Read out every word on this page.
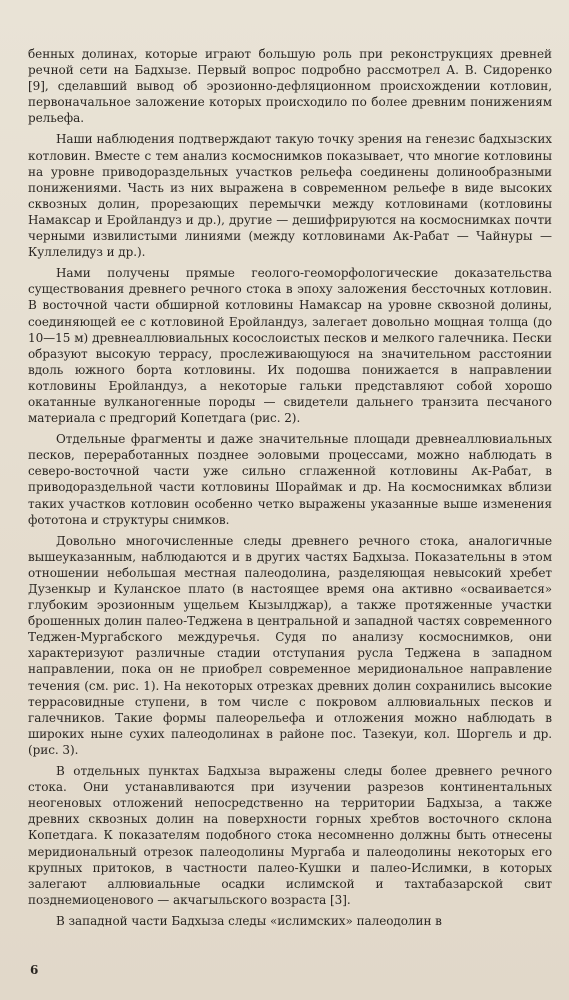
бенных долинах, которые играют большую роль при реконструкциях древней речной сети на Бадхызе. Первый вопрос подробно рассмотрел А. В. Сидоренко [9], сделавший вывод об эрозионно-дефляционном происхождении котловин, первоначальное заложение которых происходило по более древним понижениям рельефа.

Наши наблюдения подтверждают такую точку зрения на генезис бадхызских котловин. Вместе с тем анализ космоснимков показывает, что многие котловины на уровне приводораздельных участков рельефа соединены долинообразными понижениями. Часть из них выражена в современном рельефе в виде высоких сквозных долин, прорезающих перемычки между котловинами (котловины Намаксар и Еройландуз и др.), другие — дешифрируются на космоснимках почти черными извилистыми линиями (между котловинами Ак-Рабат — Чайнуры — Куллелидуз и др.).

Нами получены прямые геолого-геоморфологические доказательства существования древнего речного стока в эпоху заложения бессточных котловин. В восточной части обширной котловины Намаксар на уровне сквозной долины, соединяющей ее с котловиной Еройландуз, залегает довольно мощная толща (до 10—15 м) древнеаллювиальных косослоистых песков и мелкого галечника. Пески образуют высокую террасу, прослеживающуюся на значительном расстоянии вдоль южного борта котловины. Их подошва понижается в направлении котловины Еройландуз, а некоторые гальки представляют собой хорошо окатанные вулканогенные породы — свидетели дальнего транзита песчаного материала с предгорий Копетдага (рис. 2).

Отдельные фрагменты и даже значительные площади древнеаллювиальных песков, переработанных позднее эоловыми процессами, можно наблюдать в северо-восточной части уже сильно сглаженной котловины Ак-Рабат, в приводораздельной части котловины Шораймак и др. На космоснимках вблизи таких участков котловин особенно четко выражены указанные выше изменения фототона и структуры снимков.

Довольно многочисленные следы древнего речного стока, аналогичные вышеуказанным, наблюдаются и в других частях Бадхыза. Показательны в этом отношении небольшая местная палеодолина, разделяющая невысокий хребет Дузенкыр и Куланское плато (в настоящее время она активно «осваивается» глубоким эрозионным ущельем Кызылджар), а также протяженные участки брошенных долин палео-Теджена в центральной и западной частях современного Теджен-Мургабского междуречья. Судя по анализу космоснимков, они характеризуют различные стадии отступания русла Теджена в западном направлении, пока он не приобрел современное меридиональное направление течения (см. рис. 1). На некоторых отрезках древних долин сохранились высокие террасовидные ступени, в том числе с покровом аллювиальных песков и галечников. Такие формы палеорельефа и отложения можно наблюдать в широких ныне сухих палеодолинах в районе пос. Тазекуи, кол. Шоргель и др. (рис. 3).

В отдельных пунктах Бадхыза выражены следы более древнего речного стока. Они устанавливаются при изучении разрезов континентальных неогеновых отложений непосредственно на территории Бадхыза, а также древних сквозных долин на поверхности горных хребтов восточного склона Копетдага. К показателям подобного стока несомненно должны быть отнесены меридиональный отрезок палеодолины Мургаба и палеодолины некоторых его крупных притоков, в частности палео-Кушки и палео-Ислимки, в которых залегают аллювиальные осадки ислимской и тахтабазарской свит позднемиоценового — акчагыльского возраста [3].

В западной части Бадхыза следы «ислимских» палеодолин в

6
